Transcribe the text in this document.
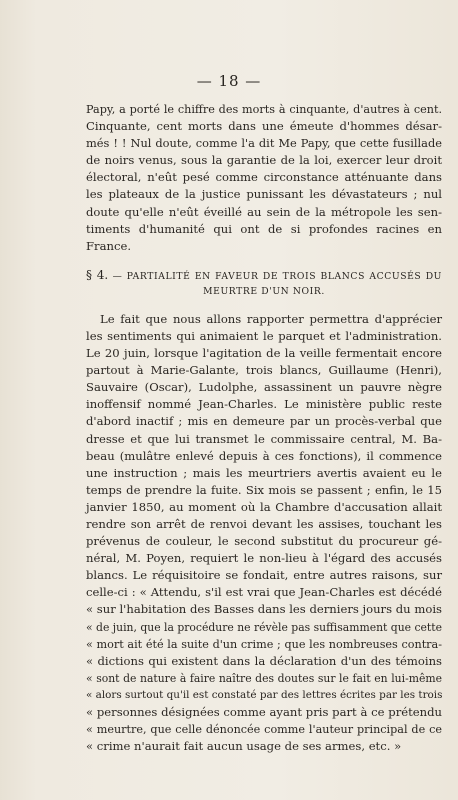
— 18 —
Papy, a porté le chiffre des morts à cinquante, d'autres à cent.
Cinquante, cent morts dans une émeute d'hommes désar-
més ! ! Nul doute, comme l'a dit Me Papy, que cette fusillade
de noirs venus, sous la garantie de la loi, exercer leur droit
électoral, n'eût pesé comme circonstance atténuante dans
les plateaux de la justice punissant les dévastateurs ; nul
doute qu'elle n'eût éveillé au sein de la métropole les sen-
timents d'humanité qui ont de si profondes racines en
France.
§ 4. — PARTIALITÉ EN FAVEUR DE TROIS BLANCS ACCUSÉS DU
MEURTRE D'UN NOIR.
Le fait que nous allons rapporter permettra d'apprécier
les sentiments qui animaient le parquet et l'administration.
Le 20 juin, lorsque l'agitation de la veille fermentait encore
partout à Marie-Galante, trois blancs, Guillaume (Henri),
Sauvaire (Oscar), Ludolphe, assassinent un pauvre nègre
inoffensif nommé Jean-Charles. Le ministère public reste
d'abord inactif ; mis en demeure par un procès-verbal que
dresse et que lui transmet le commissaire central, M. Ba-
beau (mulâtre enlevé depuis à ces fonctions), il commence
une instruction ; mais les meurtriers avertis avaient eu le
temps de prendre la fuite. Six mois se passent ; enfin, le 15
janvier 1850, au moment où la Chambre d'accusation allait
rendre son arrêt de renvoi devant les assises, touchant les
prévenus de couleur, le second substitut du procureur gé-
néral, M. Poyen, requiert le non-lieu à l'égard des accusés
blancs. Le réquisitoire se fondait, entre autres raisons, sur
celle-ci : « Attendu, s'il est vrai que Jean-Charles est décédé
« sur l'habitation des Basses dans les derniers jours du mois
« de juin, que la procédure ne révèle pas suffisamment que cette
« mort ait été la suite d'un crime ; que les nombreuses contra-
« dictions qui existent dans la déclaration d'un des témoins
« sont de nature à faire naître des doutes sur le fait en lui-même
« alors surtout qu'il est constaté par des lettres écrites par les trois
« personnes désignées comme ayant pris part à ce prétendu
« meurtre, que celle dénoncée comme l'auteur principal de ce
« crime n'aurait fait aucun usage de ses armes, etc. »
